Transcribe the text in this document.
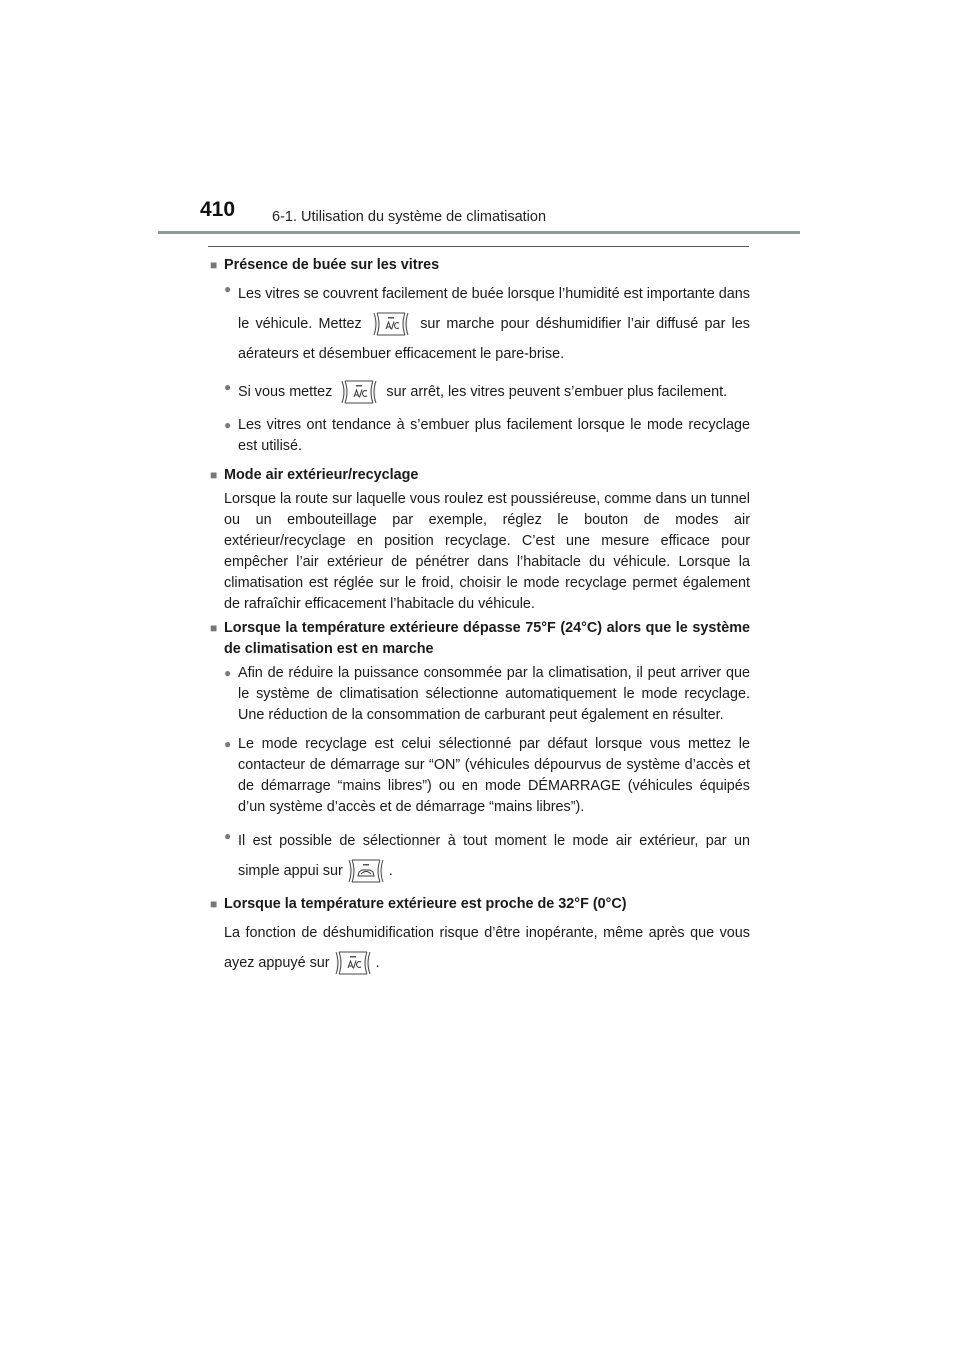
410	6-1. Utilisation du système de climatisation
■ Présence de buée sur les vitres
● Les vitres se couvrent facilement de buée lorsque l’humidité est importante dans le véhicule. Mettez	sur marche pour déshumidifier l’air diffusé par les aérateurs et désembuer efficacement le pare-brise.
● Si vous mettez	sur arrêt, les vitres peuvent s’embuer plus facilement.
● Les vitres ont tendance à s’embuer plus facilement lorsque le mode recyclage est utilisé.
■ Mode air extérieur/recyclage
Lorsque la route sur laquelle vous roulez est poussiéreuse, comme dans un tunnel ou un embouteillage par exemple, réglez le bouton de modes air extérieur/recyclage en position recyclage. C’est une mesure efficace pour empêcher l’air extérieur de pénétrer dans l’habitacle du véhicule. Lorsque la climatisation est réglée sur le froid, choisir le mode recyclage permet également de rafraîchir efficacement l’habitacle du véhicule.
■ Lorsque la température extérieure dépasse 75°F (24°C) alors que le système de climatisation est en marche
● Afin de réduire la puissance consommée par la climatisation, il peut arriver que le système de climatisation sélectionne automatiquement le mode recyclage. Une réduction de la consommation de carburant peut également en résulter.
● Le mode recyclage est celui sélectionné par défaut lorsque vous mettez le contacteur de démarrage sur “ON” (véhicules dépourvus de système d’accès et de démarrage “mains libres”) ou en mode DÉMARRAGE (véhicules équipés d’un système d’accès et de démarrage “mains libres”).
● Il est possible de sélectionner à tout moment le mode air extérieur, par un simple appui sur	.
■ Lorsque la température extérieure est proche de 32°F (0°C)
La fonction de déshumidification risque d’être inopérante, même après que vous ayez appuyé sur	.
